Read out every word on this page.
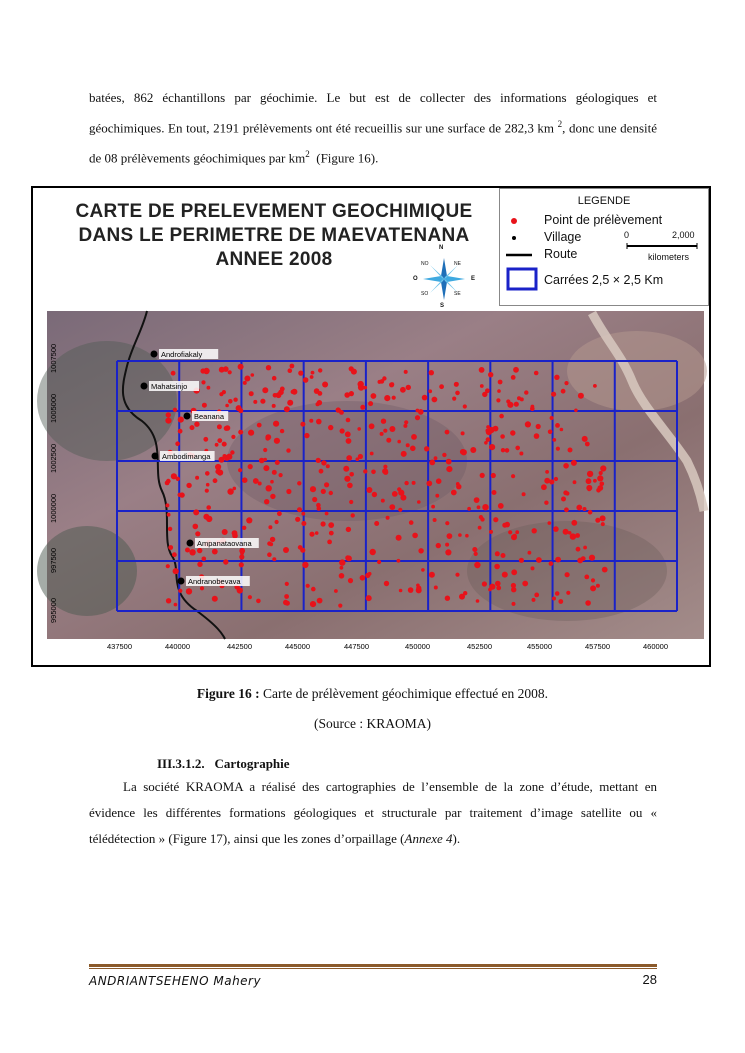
batées, 862 échantillons par géochimie. Le but est de collecter des informations géologiques et géochimiques. En tout, 2191 prélèvements ont été recueillis sur une surface de 282,3 km $^2$, donc une densité de 08 prélèvements géochimiques par $km^2$ (Figure 16).
CARTE DE PRELEVEMENT GEOCHIMIQUE
DANS LE PERIMETRE DE MAEVATENANA
ANNEE 2008
LEGENDE
Point de prélèvement
Village
Route
Carrées 2,5 × 2,5 Km
0	2,000
kilometers
N
S
E
O
NE
NO
SE
SO
Androfiakaly
Mahatsinjo
Beanana
Ambodimanga
Ampanataovana
Andranobevava
437500	440000	442500	445000	447500	450000	452500	455000	457500	460000
1007500
1005000
1002500
1000000
997500
995000
Figure 16 : Carte de prélèvement géochimique effectué en 2008.
(Source : KRAOMA)
III.3.1.2. Cartographie
La société KRAOMA a réalisé des cartographies de l’ensemble de la zone d’étude, mettant en évidence les différentes formations géologiques et structurale par traitement d’image satellite ou « télédétection » (Figure 17), ainsi que les zones d’orpaillage (Annexe 4).
ANDRIANTSEHENO Mahery	28
